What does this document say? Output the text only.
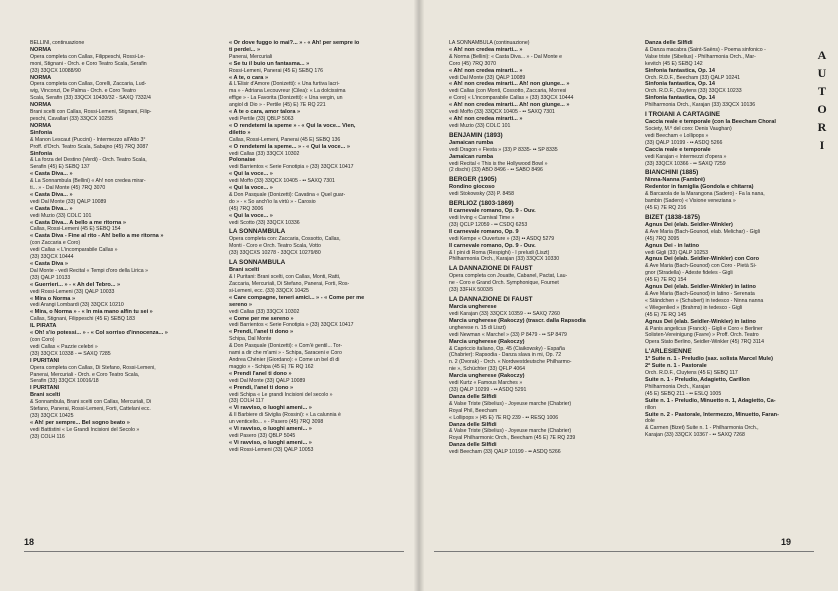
BELLINI, continuazione
NORMA
Opera completa con Callas, Filippeschi, Rossi-Le-
moni, Stignani - Orch. e Coro Teatro Scala, Serafin
(33) 33QCX 10088/90
NORMA
Opera completa con Callas, Corelli, Zaccaria, Lud-
wig, Vinconzi, De Palma - Orch. e Coro Teatro
Scala, Serafin (33) 33QCX 10430/32 - SAXQ 7332/4
NORMA
Brani scelti con Callas, Rossi-Lemeni, Stignani, Filip-
peschi, Cavallari (33) 33QCX 10255
NORMA
Sinfonia
& Manon Lescaut (Puccini) - Intermezzo all'Atto 3°
Proff. d'Orch. Teatro Scala, Sabajno (45) 7RQ 3087
Sinfonia
& La forza del Destino (Verdi) - Orch. Teatro Scala,
Serafin (45) E) SEBQ 137
« Casta Diva... »
& La Sonnambula (Bellini) « Ah! non credea mirar-
ti... » - Dal Monte (45) 7RQ 3070
« Casta Diva... »
vedi Dal Monte (33) QALP 10089
« Casta Diva... »
vedi Muzio (33) COLC 101
« Casta Diva... A bello a me ritorna »
Callas, Rossi-Lemeni (45 E) SEBQ 154
« Casta Diva - Fine al rito - Ah! bello a me ritorna »
(con Zaccaria e Coro)
vedi Callas « L'incomparabile Callas »
(33) 33QCX 10444
« Casta Diva »
Dal Monte - vedi Recital « Tempi d'oro della Lirica »
(33) QALP 10133
« Guerrieri... » - « Ah del Tebro... »
vedi Rossi-Lemeni (33) QALP 10033
« Mira o Norma »
vedi Arangi Lombardi (33) 33QCX 10210
« Mira, o Norma » - « In mia mano alfin tu sei »
Callas, Stignani, Filippeschi (45 E) SEBQ 183
IL PIRATA
« Oh! s'io potessi... » - « Col sorriso d'innocenza... »
(con Coro)
vedi Callas « Pazzie celebri »
(33) 33QCX 10338 - •• SAXQ 7285
I PURITANI
Opera completa con Callas, Di Stefano, Rossi-Lemeni,
Panerai, Mercuriali - Orch. e Coro Teatro Scala,
Serafin (33) 33QCX 10016/18
I PURITANI
Brani scelti
& Sonnambula, Brani scelti con Callas, Mercuriali, Di
Stefano, Panerai, Rossi-Lemeni, Forti, Cattelani ecc.
(33) 33QCX 10425
« Ah! per sempre... Bel sogno beato »
vedi Battistini « Le Grandi Incisioni del Secolo »
(33) COLH 116
« Or dove fuggo io mai?... » - « Ah! per sempre io
ti perdei... »
Panerai, Mercuriali
« Se tu il buio un fantasma... »
Rossi-Lemeni, Panerai (45 E) SEBQ 176
« A te, o cara »
& L'Elisir d'Amore (Donizetti): « Una furtiva lacri-
ma » - Adriana Lecouvreur (Cilea): « La dolcissima
effige » - La Favorita (Donizetti): « Una vergin, un
angiol di Dio » - Pertile (45) E) 7E RQ 221
« A te o cara, amor talora »
vedi Pertile (33) QBLP 5063
« O rendetemi la speme » - « Qui la voce... Vien,
diletto »
Callas, Rossi-Lemeni, Panerai (45 E) SEBQ 136
« O rendetemi la speme... » - « Qui la voce... »
vedi Callas (33) 33QCX 10302
Polonaise
vedi Barrientos « Serie Fonotipia » (33) 33QCX 10417
« Qui la voce... »
vedi Moffo (33) 33QCX 10405 - •• SAXQ 7301
« Qui la voce... »
& Don Pasquale (Donizetti): Cavatina « Quel guar-
do » - « So anch'io la virtù » - Carosio
(45) 7RQ 3006
« Qui la voce... »
vedi Scotto (33) 33QCX 10336
LA SONNAMBULA
Opera completa con: Zaccaria, Cossotto, Callas,
Monti - Coro e Orch. Teatro Scala, Votto
(33) 33QCXS 10278 - 33QCX 10279/80
LA SONNAMBULA
Brani scelti
& I Puritani: Brani scelti, con Callas, Monti, Ratti,
Zaccaria, Mercuriali, Di Stefano, Panerai, Forti, Ros-
si-Lemeni, ecc. (33) 33QCX 10425
« Care compagne, teneri amici... » - « Come per me
sereno »
vedi Callas (33) 33QCX 10302
« Come per me sereno »
vedi Barrientos « Serie Fonotipia » (33) 33QCX 10417
« Prendi, l'anel ti dono »
Schipa, Dal Monte
& Don Pasquale (Donizetti): « Com'è gentil... Tor-
nami a dir che m'ami » - Schipa, Saraceni e Coro
Andrea Chénier (Giordano): « Come un bel dì di
maggio » - Schipa (45 E) 7E RQ 162
« Prendi l'anel ti dono »
vedi Dal Monte (33) QALP 10089
« Prendi, l'anel ti dono »
vedi Schipa « Le grandi Incisioni del secolo »
(33) COLH 117
« Vi ravviso, o luoghi ameni... »
& Il Barbiere di Siviglia (Rossini): « La calunnia è
un venticello... » - Pasero (45) 7RQ 3098
« Vi ravviso, o luoghi ameni... »
vedi Pasero (33) QBLP 5045
« Vi ravviso, o luoghi ameni... »
vedi Rossi-Lemeni (33) QALP 10053
LA SONNAMBULA (continuazione)
« Ah! non credea mirarti... »
& Norma (Bellini): « Casta Diva... » - Dal Monte e
Coro (45) 7RQ 3070
« Ah! non credea mirarti... »
vedi Dal Monte (33) QALP 10089
« Ah! non credea mirarti... Ah! non giunge... »
vedi Callas (con Monti, Cossotto, Zaccaria, Morresi
e Coro) « L'incomparabile Callas » (33) 33QCX 10444
« Ah! non credea mirarti... Ah! non giunge... »
vedi Moffo (33) 33QCX 10405 - •• SAXQ 7301
« Ah! non credea mirarti... »
vedi Muzio (33) COLC 101
BENJAMIN (1893)
Jamaican rumba
vedi Dragon « Fiesta » (33) P 8335- •• SP 8335
Jamaican rumba
vedi Recital « This is the Hollywood Bowl »
(2 dischi) (33) ABO 8496 - •• SABO 8496
BERGER (1905)
Rondino giocoso
vedi Stokowsky (33) P. 8458
BERLIOZ (1803-1869)
Il carnevale romano, Op. 9 - Ouv.
vedi Irving « Carnival Time »
(33) QCLP 12059 - •• CSDQ 6253
Il carnevale romano, Op. 9
vedi Kempe « Ouverture » (33) •• ASDQ 5279
Il carnevale romano, Op. 9 - Ouv.
& I pini di Roma (Respighi) - I preludi (Liszt)
Philharmonia Orch., Karajan (33) 33QCX 10330
LA DANNAZIONE DI FAUST
Opera completa con Jouatte, Cabanel, Pactat, Lau-
ne - Coro e Grand Orch. Symphonique, Fournet
(33) 33FHX 5003/5
LA DANNAZIONE DI FAUST
Marcia ungherese
vedi Karajan (33) 33QCX 10359 - •• SAXQ 7260
Marcia ungherese (Rakoczy) (trascr. dalla Rapsodia
ungherese n. 15 di Liszt)
vedi Newman « Marchel » (33) P 8479 - •• SP 8479
Marcia ungherese (Rakoczy)
& Capriccio italiano, Op. 45 (Ciaikowsky) - España
(Chabrier): Rapsodia - Danza slava in mi, Op. 72
n. 2 (Dvorak) - Orch. « Nordwestdeutsche Philharmo-
nie », Schüchter (33) QFLP 4064
Marcia ungherese (Rakoczy)
vedi Kurtz « Famous Marches »
(33) QALP 10299 - •• ASDQ 5291
Danza delle Silfidi
& Valse Triste (Sibelius) - Joyeuse marche (Chabrier)
Royal Phil, Beecham
« Lollipops » (45 E) 7E RQ 239 - •• RESQ 1006
Danza delle Silfidi
& Valse Triste (Sibelius) - Joyeuse marche (Chabrier)
Royal Philharmonic Orch., Beecham (45 E) 7E RQ 239
Danza delle Silfidi
vedi Beecham (33) QALP 10199 - •• ASDQ 5266
Danza delle Silfidi
& Danza macabra (Saint-Saëns) - Poema sinfonico -
Valse triste (Sibelius) - Philharmonia Orch., Mar-
kevitch (45 E) SEBQ 142
Sinfonia fantastica, Op. 14
Orch. R.D.F., Beecham (33) QALP 10241
Sinfonia fantastica, Op. 14
Orch. R.D.F., Cluytens (33) 33QCX 10233
Sinfonia fantastica, Op. 14
Philharmonia Orch., Karajan (33) 33QCX 10136
I TROIANI A CARTAGINE
Caccia reale e temporale (con la Beecham Choral
Society, M.º del coro: Denis Vaughan)
vedi Beecham « Lollipops »
(33) QALP 10199 - •• ASDQ 5266
Caccia reale e temporale
vedi Karajan « Intermezzi d'opera »
(33) 33QCX 10366 - •• SAXQ 7259
BIANCHINI (1885)
Ninna-Nanna (Fambré)
Redentor in famiglia (Gondola e chitarra)
& Barcarola de la Marangona (Sadero) - Fa la nana,
bambin (Sadero) « Visione veneziana »
(45 E) 7E RQ 216
BIZET (1838-1875)
Agnus Dei (elab. Seidler-Winkler)
& Ave Maria (Bach-Gounod, elab. Melichar) - Gigli
(45) 7RQ 3095
Agnus Dei - in latino
vedi Gigli (33) QALP 10253
Agnus Dei (elab. Seidler-Winkler) con Coro
& Ave Maria (Bach-Gounod) con Coro - Pietà Si-
gnor (Stradella) - Adeste fideles - Gigli
(45 E) 7E RQ 154
Agnus Dei (elab. Seidler-Winkler) in latino
& Ave Maria (Bach-Gounod) in latino - Serenata
« Ständchen » (Schubert) in tedesco - Ninna nanna
« Wiegenlied » (Brahms) in tedesco - Gigli
(45 E) 7E RQ 145
Agnus Dei (elab. Seidler-Winkler) in latino
& Panis angelicus (Franck) - Gigli e Coro « Berliner
Solisten-Vereinigung (Favre) » Proff. Orch. Teatro
Opera Stato Berlino, Seidler-Winkler (45) 7RQ 3114
L'ARLESIENNE
1ª Suite n. 1 - Preludio (sax. solista Marcel Mule)
2ª Suite n. 1 - Pastorale
Orch. R.D.F., Cluytens (45 E) SEBQ 117
Suite n. 1 - Preludio, Adagietto, Carillon
Philharmonia Orch., Karajan
(45 E) SEBQ 211 - •• ESLQ 1005
Suite n. 1 - Preludio, Minuetto n. 1, Adagietto, Ca-
rillon
Suite n. 2 - Pastorale, Intermezzo, Minuetto, Faran-
dole
& Carmen (Bizet) Suite n. 1 - Philharmonia Orch.,
Karajan (33) 33QCX 10367 - •• SAXQ 7268
A
U
T
O
R
I
18	19
